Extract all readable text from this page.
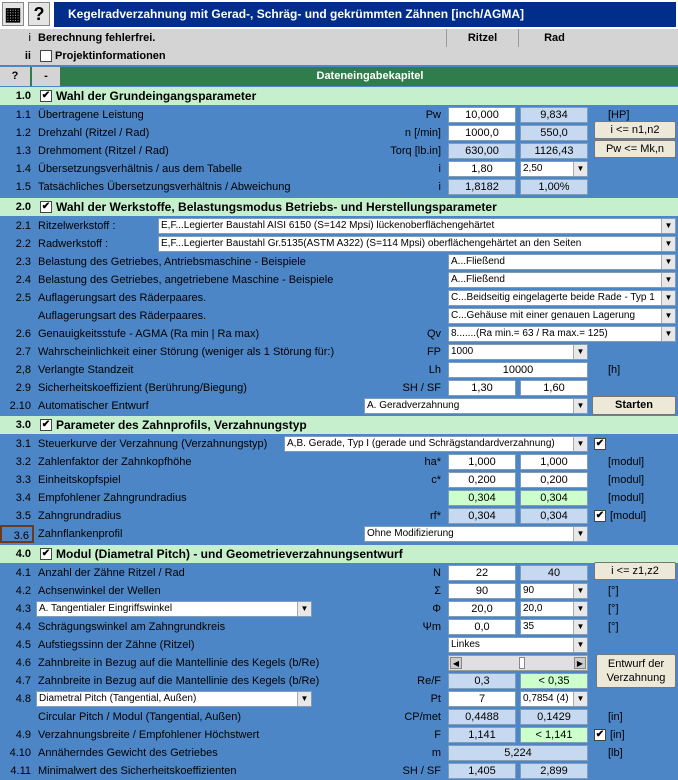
▦ ?	Kegelradverzahnung mit Gerad-, Schräg- und gekrümmten Zähnen [inch/AGMA]
i Berechnung fehlerfrei.	Ritzel	Rad
ii Projektinformationen
?	-	Dateneingabekapitel
1.0	✔ Wahl der Grundeingangsparameter
1.1 Übertragene Leistung	Pw	10,000	9,834	[HP]
1.2 Drehzahl (Ritzel / Rad)	n [/min]	1000,0	550,0
1.3 Drehmoment (Ritzel / Rad)	Torq [lb.in]	630,00	1126,43
i <= n1,n2
Pw <= Mk,n
1.4 Übersetzungsverhältnis / aus dem Tabelle	i	1,80	2,50	▼
1.5 Tatsächliches Übersetzungsverhältnis / Abweichung	i	1,8182	1,00%
2.0	✔ Wahl der Werkstoffe, Belastungsmodus Betriebs- und Herstellungsparameter
2.1 Ritzelwerkstoff :	E,F...Legierter Baustahl AISI 6150 (S=142 Mpsi) lückenoberflächengehärtet	▼
2.2 Radwerkstoff :	E,F...Legierter Baustahl Gr.5135(ASTM A322) (S=114 Mpsi) oberflächengehärtet an den Seiten	▼
2.3 Belastung des Getriebes, Antriebsmaschine - Beispiele	A...Fließend	▼
2.4 Belastung des Getriebes, angetriebene Maschine - Beispiele	A...Fließend	▼
2.5 Auflagerungsart des Räderpaares.	C...Beidseitig eingelagerte beide Rade - Typ 1	▼
Auflagerungsart des Räderpaares.	C...Gehäuse mit einer genauen Lagerung	▼
2.6 Genauigkeitsstufe - AGMA (Ra min | Ra max)	Qv	8.......(Ra min.= 63 / Ra max.= 125)	▼
2.7 Wahrscheinlichkeit einer Störung (weniger als 1 Störung für:)	FP	1000	▼
2,8 Verlangte Standzeit	Lh	10000	[h]
2.9 Sicherheitskoeffizient (Berührung/Biegung)	SH / SF	1,30	1,60
2.10 Automatischer Entwurf	A. Geradverzahnung	▼	Starten
3.0	✔ Parameter des Zahnprofils, Verzahnungstyp
3.1 Steuerkurve der Verzahnung (Verzahnungstyp)	A,B. Gerade, Typ I (gerade und Schrägstandardverzahnung)	▼ ✔
3.2 Zahlenfaktor der Zahnkopfhöhe	ha*	1,000	1,000	[modul]
3.3 Einheitskopfspiel	c*	0,200	0,200	[modul]
3.4 Empfohlener Zahngrundradius	0,304	0,304	[modul]
3.5 Zahngrundradius	rf*	0,304	0,304	✔ [modul]
3.6 Zahnflankenprofil	Ohne Modifizierung	▼
4.0	✔ Modul (Diametral Pitch) - und Geometrieverzahnungsentwurf
4.1 Anzahl der Zähne Ritzel / Rad	N	22	40	i <= z1,z2
4.2 Achsenwinkel der Wellen	Σ	90	90	▼ [°]
4.3 A. Tangentialer Eingriffswinkel	▼	Φ	20,0	20,0	▼ [°]
4.4 Schrägungswinkel am Zahngrundkreis	Ψm	0,0	35	▼ [°]
4.5 Aufstiegssinn der Zähne (Ritzel)	Linkes	▼
4.6 Zahnbreite in Bezug auf die Mantellinie des Kegels (b/Re)	◀	▶	Entwurf der Verzahnung
4.7 Zahnbreite in Bezug auf die Mantellinie des Kegels (b/Re)	Re/F	0,3	< 0,35
4.8 Diametral Pitch (Tangential, Außen)	▼	Pt	7	0,7854 (4) ▼
Circular Pitch / Modul (Tangential, Außen)	CP/met	0,4488	0,1429	[in]
4.9 Verzahnungsbreite / Empfohlener Höchstwert	F	1,141	< 1,141	✔ [in]
4.10 Annäherndes Gewicht des Getriebes	m	5,224	[lb]
4.11 Minimalwert des Sicherheitskoeffizienten	SH / SF	1,405	2,899
